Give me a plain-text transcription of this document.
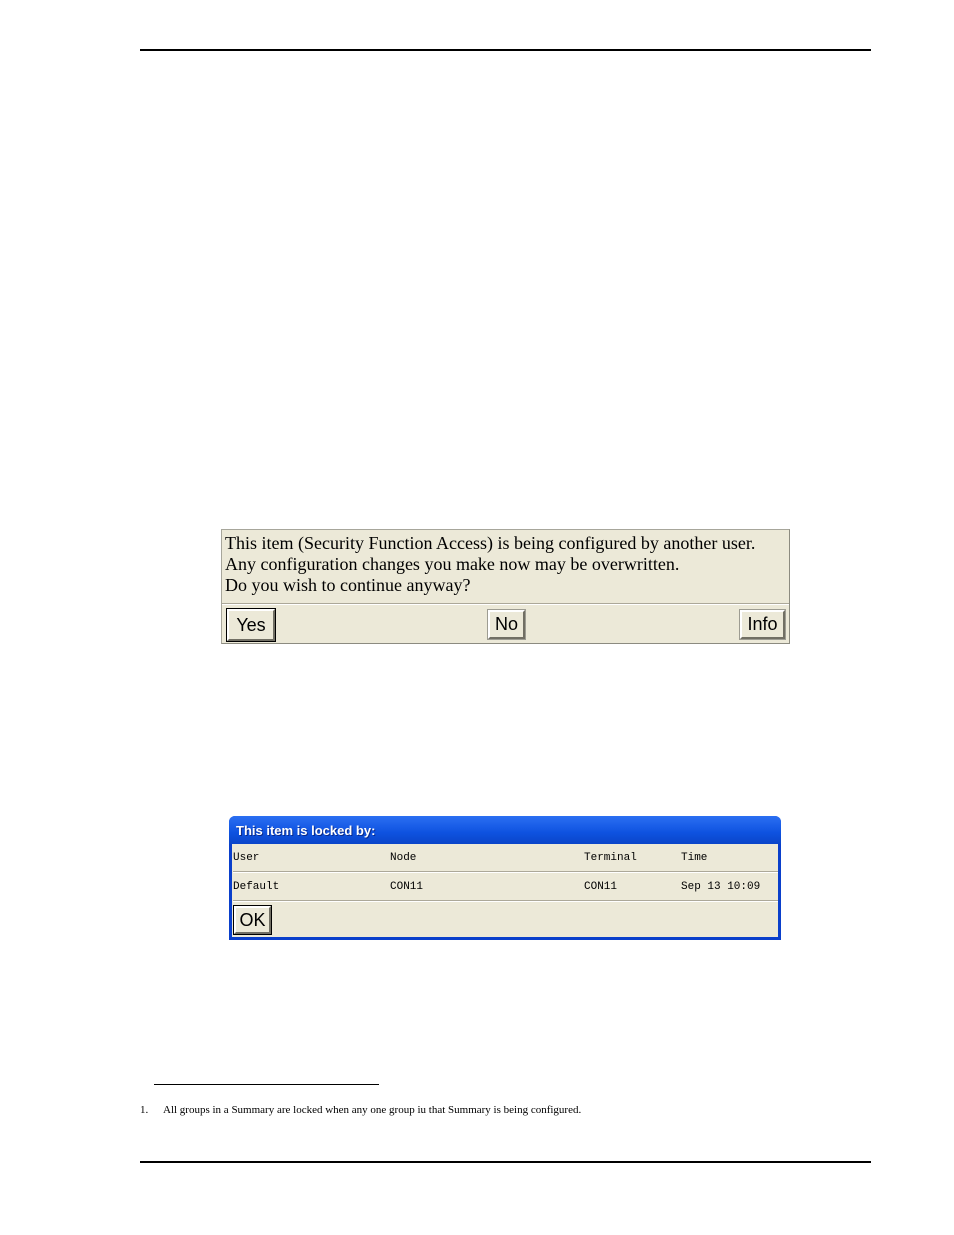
This item (Security Function Access) is being configured by another user.
Any configuration changes you make now may be overwritten.
Do you wish to continue anyway?
Yes	No	Info
This item is locked by:
User	Node	Terminal	Time
Default	CON11	CON11	Sep 13 10:09
OK
1. All groups in a Summary are locked when any one group iu that Summary is being configured.
